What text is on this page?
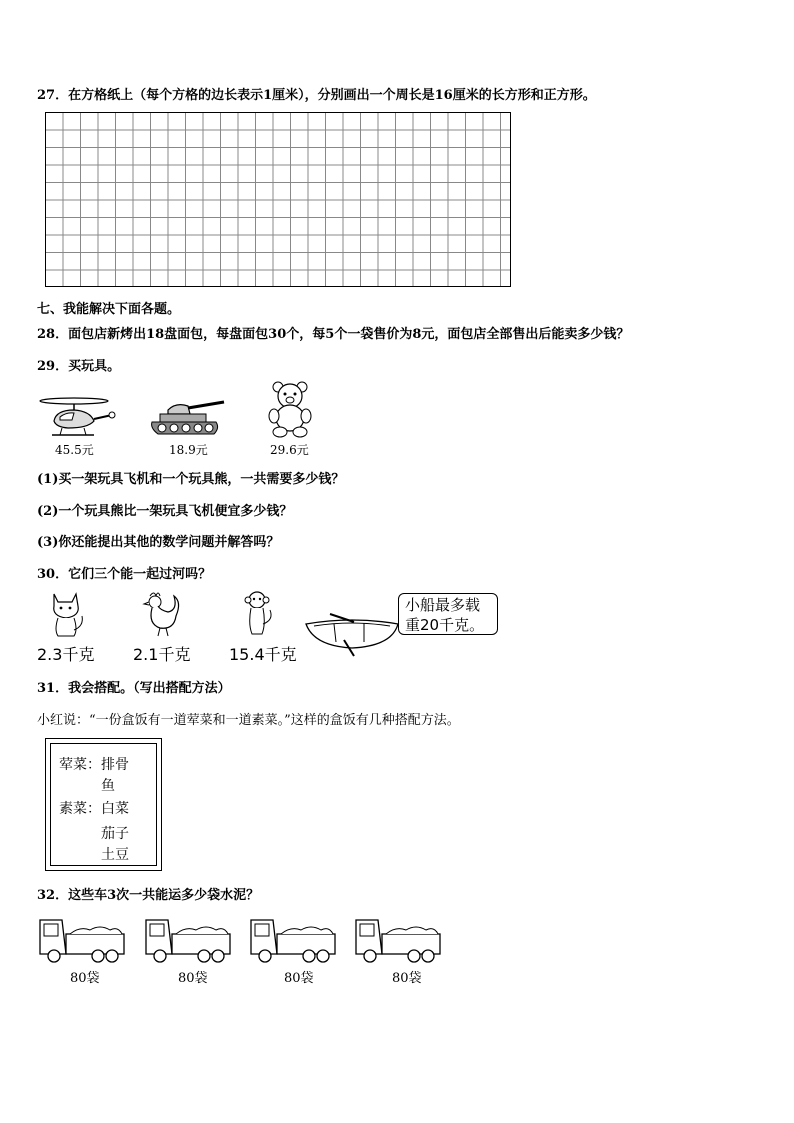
27．在方格纸上（每个方格的边长表示1厘米），分别画出一个周长是16厘米的长方形和正方形。
七、我能解决下面各题。
28．面包店新烤出18盘面包，每盘面包30个，每5个一袋售价为8元，面包店全部售出后能卖多少钱？
29．买玩具。
45.5元	18.9元	29.6元
(1)买一架玩具飞机和一个玩具熊，一共需要多少钱？
(2)一个玩具熊比一架玩具飞机便宜多少钱？
(3)你还能提出其他的数学问题并解答吗？
30．它们三个能一起过河吗？
2.3千克 2.1千克 15.4千克
小船最多载
重20千克。
31．我会搭配。（写出搭配方法）
小红说：“一份盒饭有一道荤菜和一道素菜。”这样的盒饭有几种搭配方法。
荤菜： 排骨
鱼
素菜： 白菜
茄子
土豆
32．这些车3次一共能运多少袋水泥？
80袋	80袋	80袋	80袋
